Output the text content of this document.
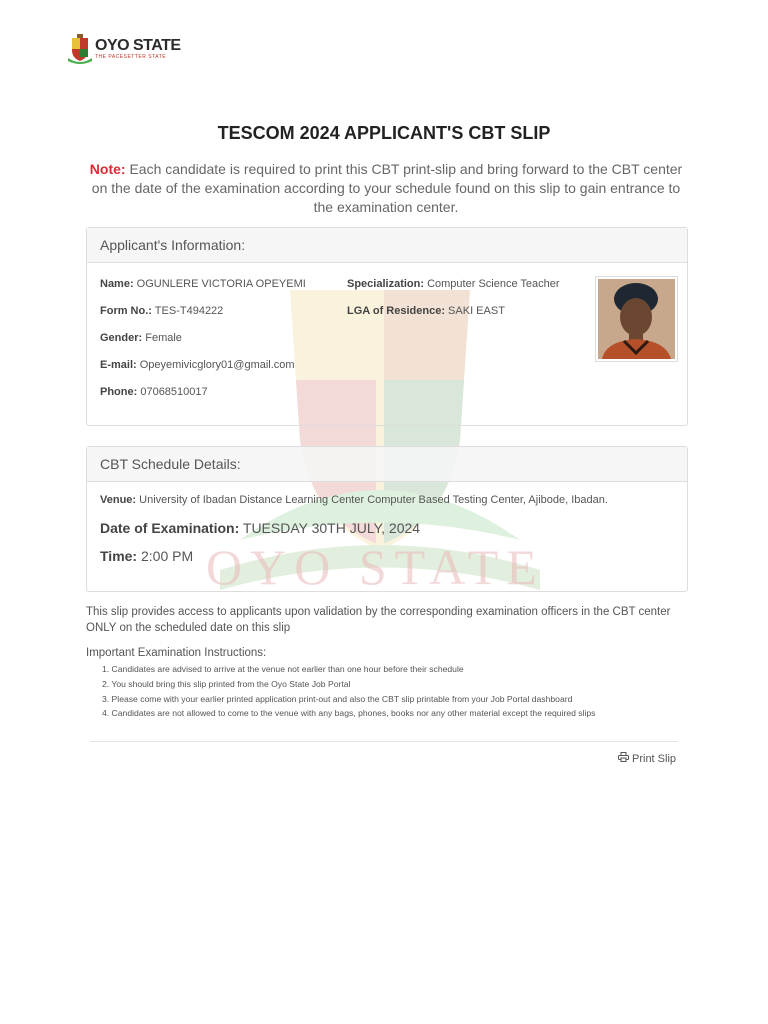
OYO STATE
THE PACESETTER STATE
OYO STATE
TESCOM 2024 APPLICANT'S CBT SLIP
Note: Each candidate is required to print this CBT print-slip and bring forward to the CBT center on the date of the examination according to your schedule found on this slip to gain entrance to the examination center.
Applicant's Information:
Name: OGUNLERE VICTORIA OPEYEMI
Form No.: TES-T494222
Gender: Female
E-mail: Opeyemivicglory01@gmail.com
Phone: 07068510017
Specialization: Computer Science Teacher
LGA of Residence: SAKI EAST
CBT Schedule Details:
Venue: University of Ibadan Distance Learning Center Computer Based Testing Center, Ajibode, Ibadan.
Date of Examination: TUESDAY 30TH JULY, 2024
Time: 2:00 PM
This slip provides access to applicants upon validation by the corresponding examination officers in the CBT center ONLY on the scheduled date on this slip
Important Examination Instructions:
1. Candidates are advised to arrive at the venue not earlier than one hour before their schedule
2. You should bring this slip printed from the Oyo State Job Portal
3. Please come with your earlier printed application print-out and also the CBT slip printable from your Job Portal dashboard
4. Candidates are not allowed to come to the venue with any bags, phones, books nor any other material except the required slips
Print Slip
